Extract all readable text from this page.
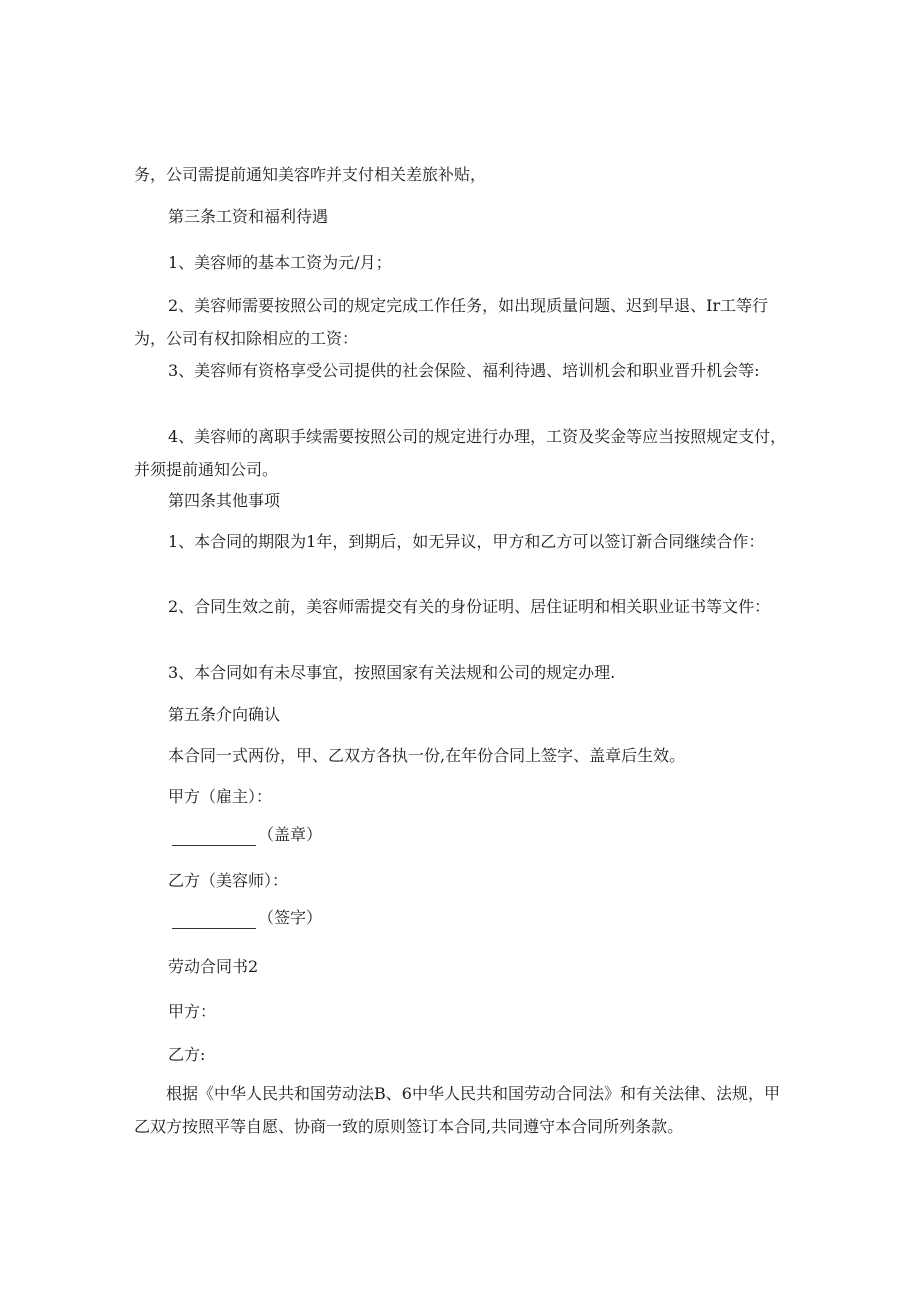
务，公司需提前通知美容咋并支付相关差旅补贴，
第三条工资和福利待遇
1、美容师的基本工资为元/月；
2、美容师需要按照公司的规定完成工作任务，如出现质量问题、迟到早退、Ir工等行为，公司有权扣除相应的工资：
3、美容师有资格享受公司提供的社会保险、福利待遇、培训机会和职业晋升机会等:
4、美容师的离职手续需要按照公司的规定进行办理，工资及奖金等应当按照规定支付，并须提前通知公司。
第四条其他事项
1、本合同的期限为1年，到期后，如无异议，甲方和乙方可以签订新合同继续合作：
2、合同生效之前，美容师需提交有关的身份证明、居住证明和相关职业证书等文件：
3、本合同如有未尽事宜，按照国家有关法规和公司的规定办理.
第五条介向确认
本合同一式两份，甲、乙双方各执一份,在年份合同上签字、盖章后生效。
甲方（雇主）：
（盖章）
乙方（美容师）：
（签字）
劳动合同书2
甲方：
乙方:
根据《中华人民共和国劳动法B、6中华人民共和国劳动合同法》和有关法律、法规，甲乙双方按照平等自愿、协商一致的原则签订本合同,共同遵守本合同所列条款。
